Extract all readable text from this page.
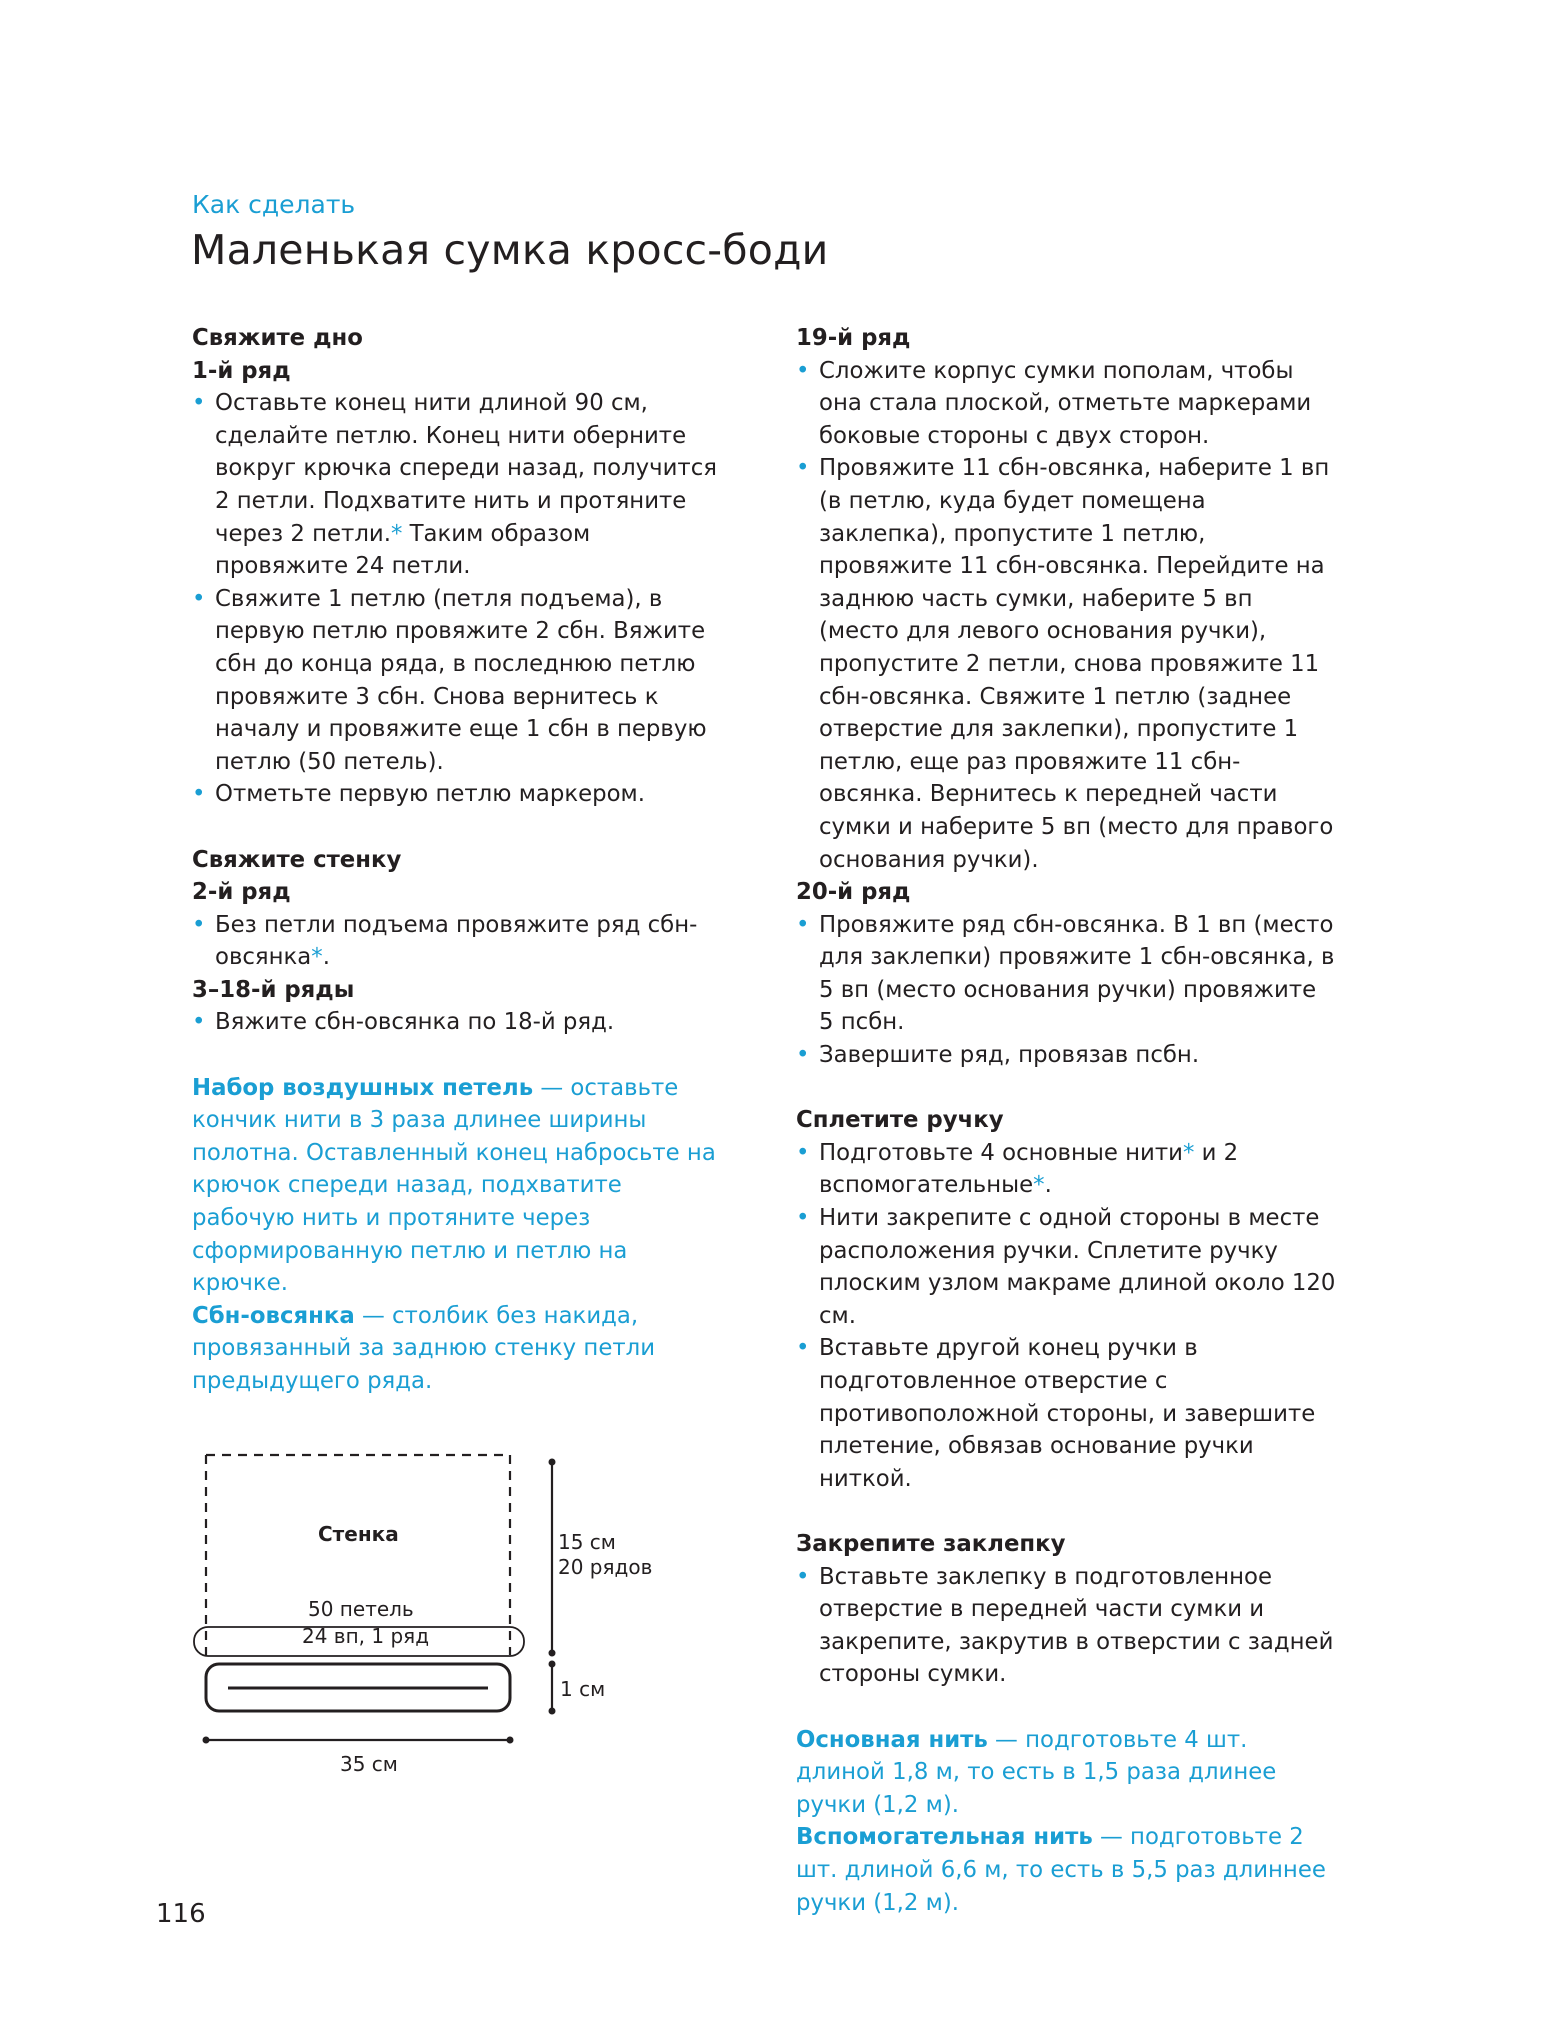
Как сделать
Маленькая сумка кросс-боди
Свяжите дно
1-й ряд
• Оставьте конец нити длиной 90 см, сделайте петлю. Конец нити оберните вокруг крючка спереди назад, получится 2 петли. Подхватите нить и протяните через 2 петли.* Таким образом провяжите 24 петли.
• Свяжите 1 петлю (петля подъема), в первую петлю провяжите 2 сбн. Вяжите сбн до конца ряда, в последнюю петлю провяжите 3 сбн. Снова вернитесь к началу и провяжите еще 1 сбн в первую петлю (50 петель).
• Отметьте первую петлю маркером.
Свяжите стенку
2-й ряд
• Без петли подъема провяжите ряд сбн-овсянка*.
3–18-й ряды
• Вяжите сбн-овсянка по 18-й ряд.
Набор воздушных петель — оставьте кончик нити в 3 раза длинее ширины полотна. Оставленный конец набросьте на крючок спереди назад, подхватите рабочую нить и протяните через сформированную петлю и петлю на крючке.
Сбн-овсянка — столбик без накида, провязанный за заднюю стенку петли предыдущего ряда.
19-й ряд
• Сложите корпус сумки пополам, чтобы она стала плоской, отметьте маркерами боковые стороны с двух сторон.
• Провяжите 11 сбн-овсянка, наберите 1 вп (в петлю, куда будет помещена заклепка), пропустите 1 петлю, провяжите 11 сбн-овсянка. Перейдите на заднюю часть сумки, наберите 5 вп (место для левого основания ручки), пропустите 2 петли, снова провяжите 11 сбн-овсянка. Свяжите 1 петлю (заднее отверстие для заклепки), пропустите 1 петлю, еще раз провяжите 11 сбн-овсянка. Вернитесь к передней части сумки и наберите 5 вп (место для правого основания ручки).
20-й ряд
• Провяжите ряд сбн-овсянка. В 1 вп (место для заклепки) провяжите 1 сбн-овсянка, в 5 вп (место основания ручки) провяжите 5 псбн.
• Завершите ряд, провязав псбн.
Сплетите ручку
• Подготовьте 4 основные нити* и 2 вспомогательные*.
• Нити закрепите с одной стороны в месте расположения ручки. Сплетите ручку плоским узлом макраме длиной около 120 см.
• Вставьте другой конец ручки в подготовленное отверстие с противоположной стороны, и завершите плетение, обвязав основание ручки ниткой.
Закрепите заклепку
• Вставьте заклепку в подготовленное отверстие в передней части сумки и закрепите, закрутив в отверстии с задней стороны сумки.
Основная нить — подготовьте 4 шт. длиной 1,8 м, то есть в 1,5 раза длинее ручки (1,2 м).
Вспомогательная нить — подготовьте 2 шт. длиной 6,6 м, то есть в 5,5 раз длиннее ручки (1,2 м).
Стенка
50 петель
24 вп, 1 ряд
15 см
20 рядов
1 см
35 см
116
